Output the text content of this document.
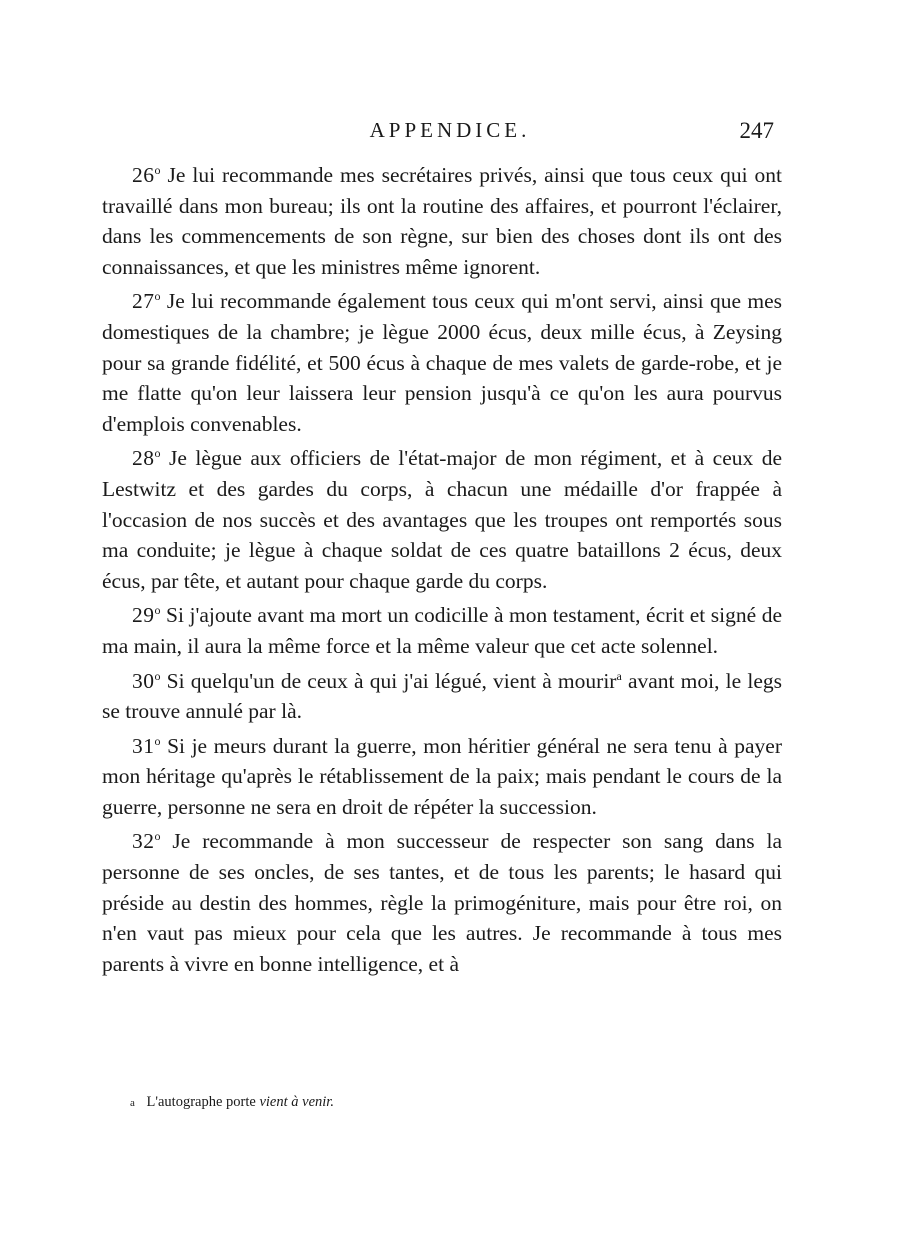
APPENDICE.	247

26$^o$ Je lui recommande mes secrétaires privés, ainsi que tous ceux qui ont travaillé dans mon bureau; ils ont la routine des affaires, et pourront l'éclairer, dans les commencements de son règne, sur bien des choses dont ils ont des connaissances, et que les ministres même ignorent.

27$^o$ Je lui recommande également tous ceux qui m'ont servi, ainsi que mes domestiques de la chambre; je lègue 2000 écus, deux mille écus, à Zeysing pour sa grande fidélité, et 500 écus à chaque de mes valets de garde-robe, et je me flatte qu'on leur laissera leur pension jusqu'à ce qu'on les aura pourvus d'emplois convenables.

28$^o$ Je lègue aux officiers de l'état-major de mon régiment, et à ceux de Lestwitz et des gardes du corps, à chacun une médaille d'or frappée à l'occasion de nos succès et des avantages que les troupes ont remportés sous ma conduite; je lègue à chaque soldat de ces quatre bataillons 2 écus, deux écus, par tête, et autant pour chaque garde du corps.

29$^o$ Si j'ajoute avant ma mort un codicille à mon testament, écrit et signé de ma main, il aura la même force et la même valeur que cet acte solennel.

30$^o$ Si quelqu'un de ceux à qui j'ai légué, vient à mourir$^a$ avant moi, le legs se trouve annulé par là.

31$^o$ Si je meurs durant la guerre, mon héritier général ne sera tenu à payer mon héritage qu'après le rétablissement de la paix; mais pendant le cours de la guerre, personne ne sera en droit de répéter la succession.

32$^o$ Je recommande à mon successeur de respecter son sang dans la personne de ses oncles, de ses tantes, et de tous les parents; le hasard qui préside au destin des hommes, règle la primogéniture, mais pour être roi, on n'en vaut pas mieux pour cela que les autres. Je recommande à tous mes parents à vivre en bonne intelligence, et à

a L'autographe porte vient à venir.
